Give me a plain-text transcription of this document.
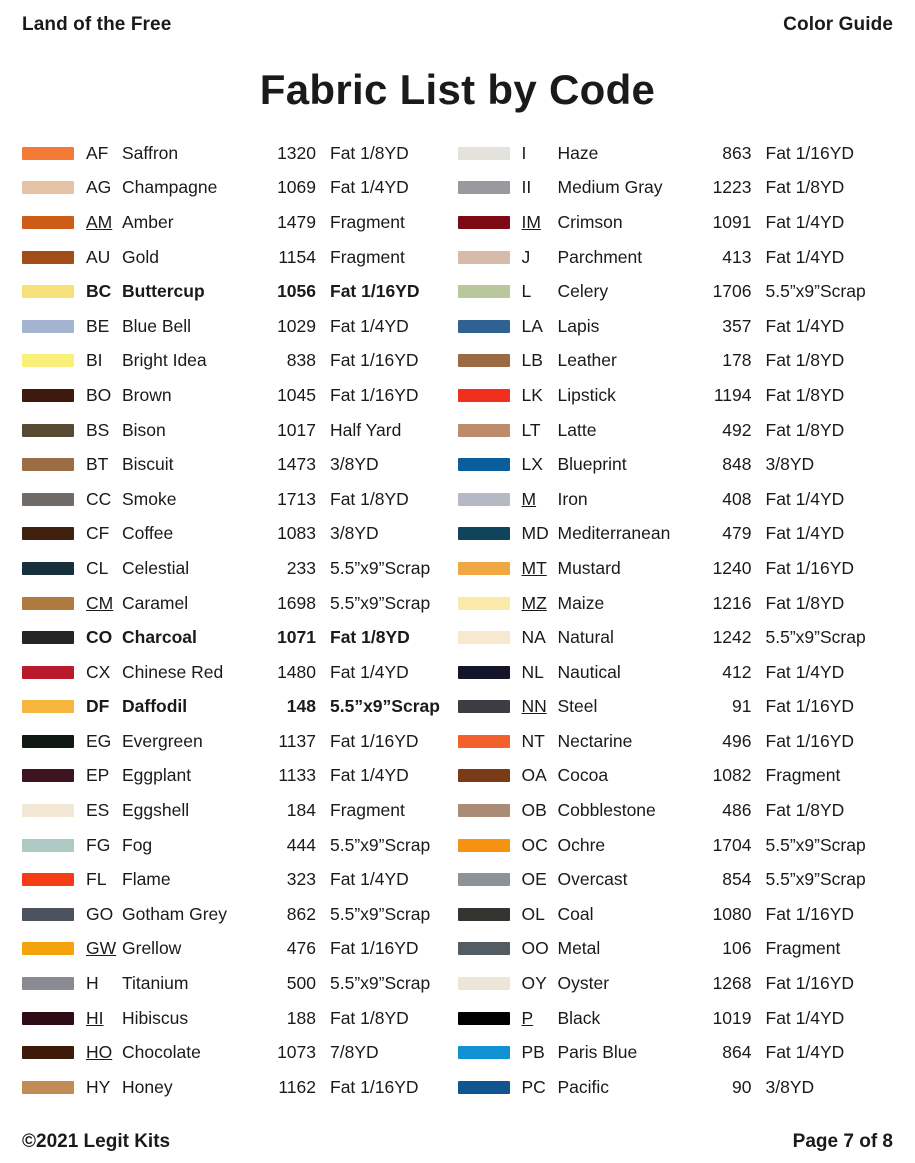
Land of the Free	Color Guide
Fabric List by Code
AF Saffron	1320 Fat 1/8YD
AG Champagne	1069 Fat 1/4YD
AM Amber	1479 Fragment
AU Gold	1154 Fragment
BC Buttercup	1056 Fat 1/16YD
BE Blue Bell	1029 Fat 1/4YD
BI	Bright Idea	838 Fat 1/16YD
BO Brown	1045 Fat 1/16YD
BS Bison	1017 Half Yard
BT Biscuit	1473 3/8YD
CC Smoke	1713 Fat 1/8YD
CF Coffee	1083 3/8YD
CL Celestial	233 5.5”x9”Scrap
CM Caramel	1698 5.5”x9”Scrap
CO Charcoal	1071 Fat 1/8YD
CX Chinese Red	1480 Fat 1/4YD
DF Daffodil	148 5.5”x9”Scrap
EG Evergreen	1137 Fat 1/16YD
EP Eggplant	1133 Fat 1/4YD
ES Eggshell	184 Fragment
FG Fog	444 5.5”x9”Scrap
FL Flame	323 Fat 1/4YD
GO Gotham Grey	862 5.5”x9”Scrap
GW Grellow	476 Fat 1/16YD
H	Titanium	500 5.5”x9”Scrap
HI	Hibiscus	188 Fat 1/8YD
HO Chocolate	1073 7/8YD
HY Honey	1162 Fat 1/16YD
I	Haze	863 Fat 1/16YD
II	Medium Gray	1223 Fat 1/8YD
IM Crimson	1091 Fat 1/4YD
J	Parchment	413 Fat 1/4YD
L	Celery	1706 5.5”x9”Scrap
LA Lapis	357 Fat 1/4YD
LB Leather	178 Fat 1/8YD
LK Lipstick	1194 Fat 1/8YD
LT Latte	492 Fat 1/8YD
LX Blueprint	848 3/8YD
M	Iron	408 Fat 1/4YD
MD Mediterranean	479 Fat 1/4YD
MT Mustard	1240 Fat 1/16YD
MZ Maize	1216 Fat 1/8YD
NA Natural	1242 5.5”x9”Scrap
NL Nautical	412 Fat 1/4YD
NN Steel	91 Fat 1/16YD
NT Nectarine	496 Fat 1/16YD
OA Cocoa	1082 Fragment
OB Cobblestone	486 Fat 1/8YD
OC Ochre	1704 5.5”x9”Scrap
OE Overcast	854 5.5”x9”Scrap
OL Coal	1080 Fat 1/16YD
OO Metal	106 Fragment
OY Oyster	1268 Fat 1/16YD
P	Black	1019 Fat 1/4YD
PB Paris Blue	864 Fat 1/4YD
PC Pacific	90 3/8YD
©2021 Legit Kits	Page 7 of 8
